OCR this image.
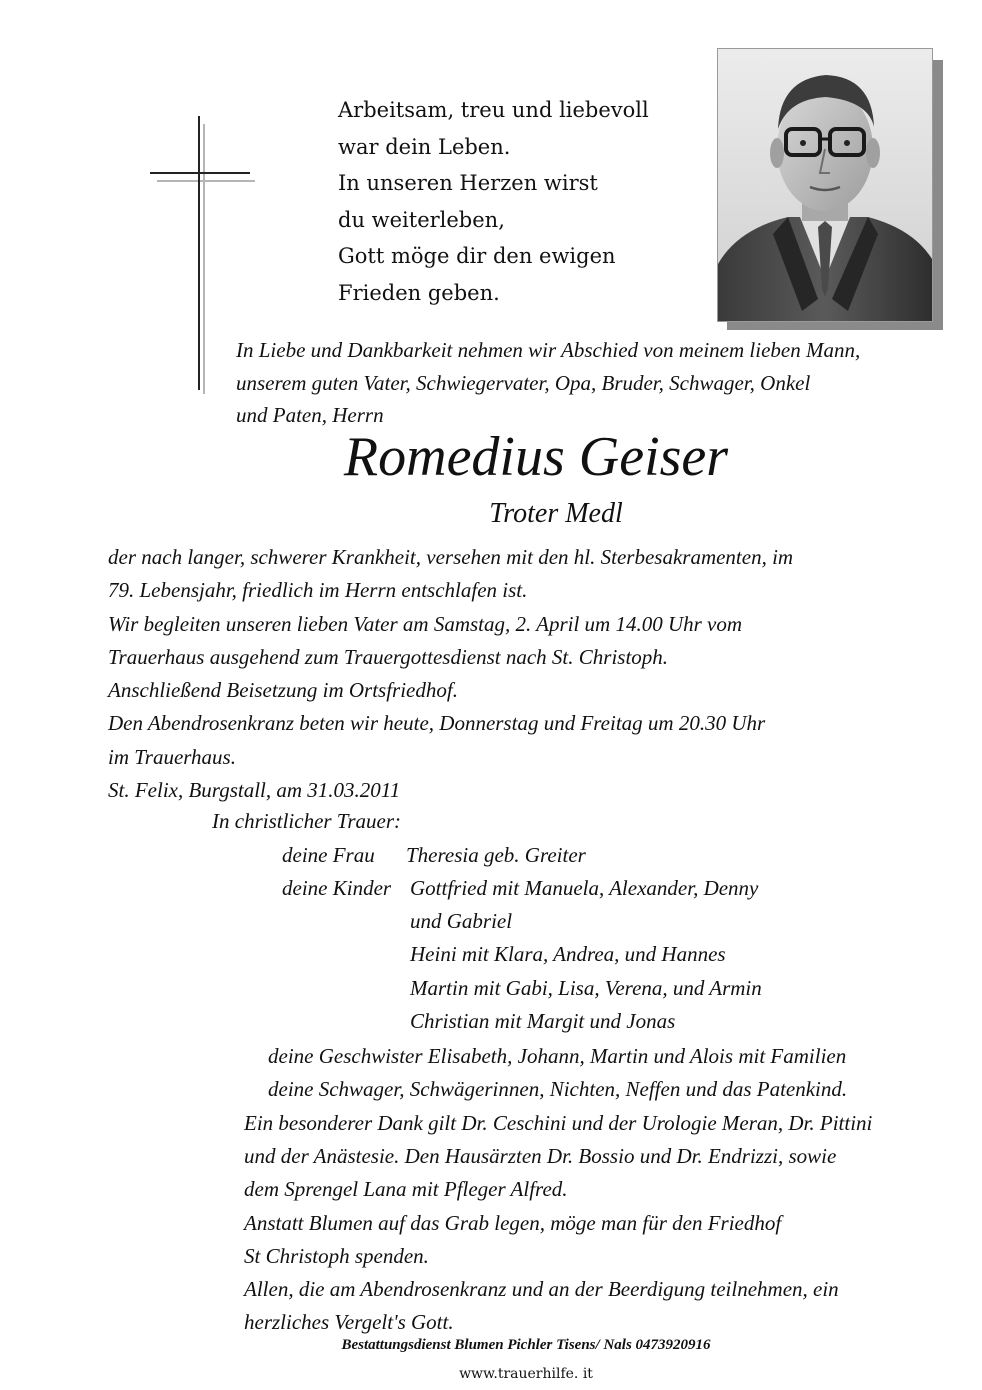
Arbeitsam, treu und liebevoll
war dein Leben.
In unseren Herzen wirst
du weiterleben,
Gott möge dir den ewigen
Frieden geben.
In Liebe und Dankbarkeit nehmen wir Abschied von meinem lieben Mann,
unserem guten Vater, Schwiegervater, Opa, Bruder, Schwager, Onkel
und Paten, Herrn
Romedius Geiser
Troter Medl
der nach langer, schwerer Krankheit, versehen mit den hl. Sterbesakramenten, im
79. Lebensjahr, friedlich im Herrn entschlafen ist.
Wir begleiten unseren lieben Vater am Samstag, 2. April um 14.00 Uhr vom
Trauerhaus ausgehend zum Trauergottesdienst nach St. Christoph.
Anschließend Beisetzung im Ortsfriedhof.
Den Abendrosenkranz beten wir heute, Donnerstag und Freitag um 20.30 Uhr
im Trauerhaus.
St. Felix, Burgstall, am 31.03.2011
In christlicher Trauer:
deine Frau Theresia geb. Greiter
deine Kinder Gottfried mit Manuela, Alexander, Denny
und Gabriel
Heini mit Klara, Andrea, und Hannes
Martin mit Gabi, Lisa, Verena, und Armin
Christian mit Margit und Jonas
deine Geschwister Elisabeth, Johann, Martin und Alois mit Familien
deine Schwager, Schwägerinnen, Nichten, Neffen und das Patenkind.
Ein besonderer Dank gilt Dr. Ceschini und der Urologie Meran, Dr. Pittini
und der Anästesie. Den Hausärzten Dr. Bossio und Dr. Endrizzi, sowie
dem Sprengel Lana mit Pfleger Alfred.
Anstatt Blumen auf das Grab legen, möge man für den Friedhof
St Christoph spenden.
Allen, die am Abendrosenkranz und an der Beerdigung teilnehmen, ein
herzliches Vergelt's Gott.
Bestattungsdienst Blumen Pichler Tisens/ Nals 0473920916
www.trauerhilfe. it
